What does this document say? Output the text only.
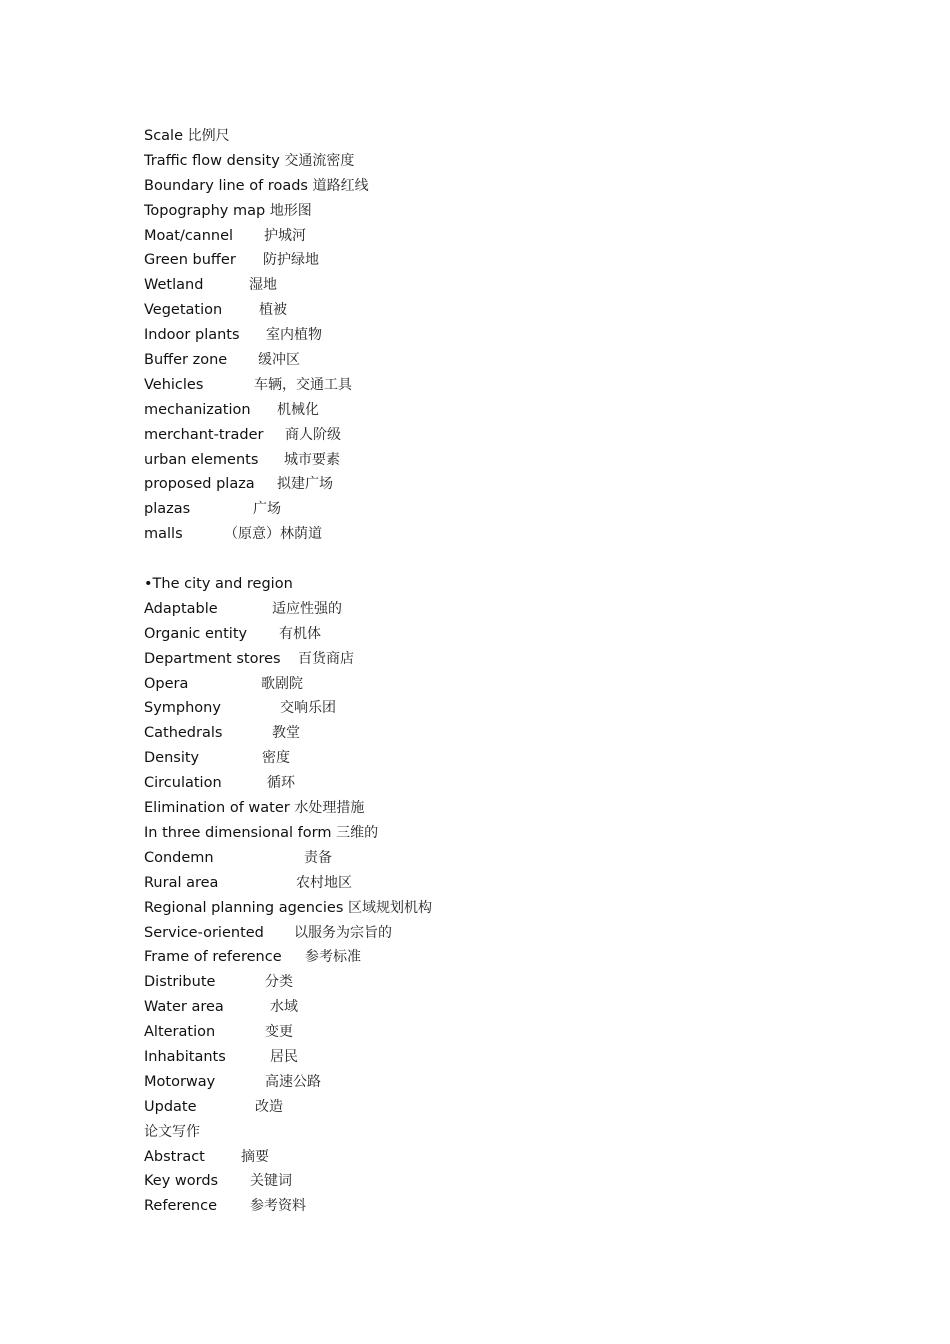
Scale 比例尺
Traffic flow density 交通流密度
Boundary line of roads 道路红线
Topography map 地形图
Moat/cannel 护城河
Green buffer 防护绿地
Wetland	湿地
Vegetation	植被
Indoor plants 室内植物
Buffer zone 缓冲区
Vehicles	车辆，交通工具
mechanization 机械化
merchant-trader 商人阶级
urban elements 城市要素
proposed plaza 拟建广场
plazas	广场
malls	（原意）林荫道
•The city and region
Adaptable	适应性强的
Organic entity 有机体
Department stores 百货商店
Opera	歌剧院
Symphony	交响乐团
Cathedrals	教堂
Density	密度
Circulation	循环
Elimination of water 水处理措施
In three dimensional form 三维的
Condemn	责备
Rural area	农村地区
Regional planning agencies 区域规划机构
Service-oriented 以服务为宗旨的
Frame of reference 参考标准
Distribute	分类
Water area	水域
Alteration	变更
Inhabitants	居民
Motorway	高速公路
Update	改造
论文写作
Abstract	摘要
Key words 关键词
Reference 参考资料
